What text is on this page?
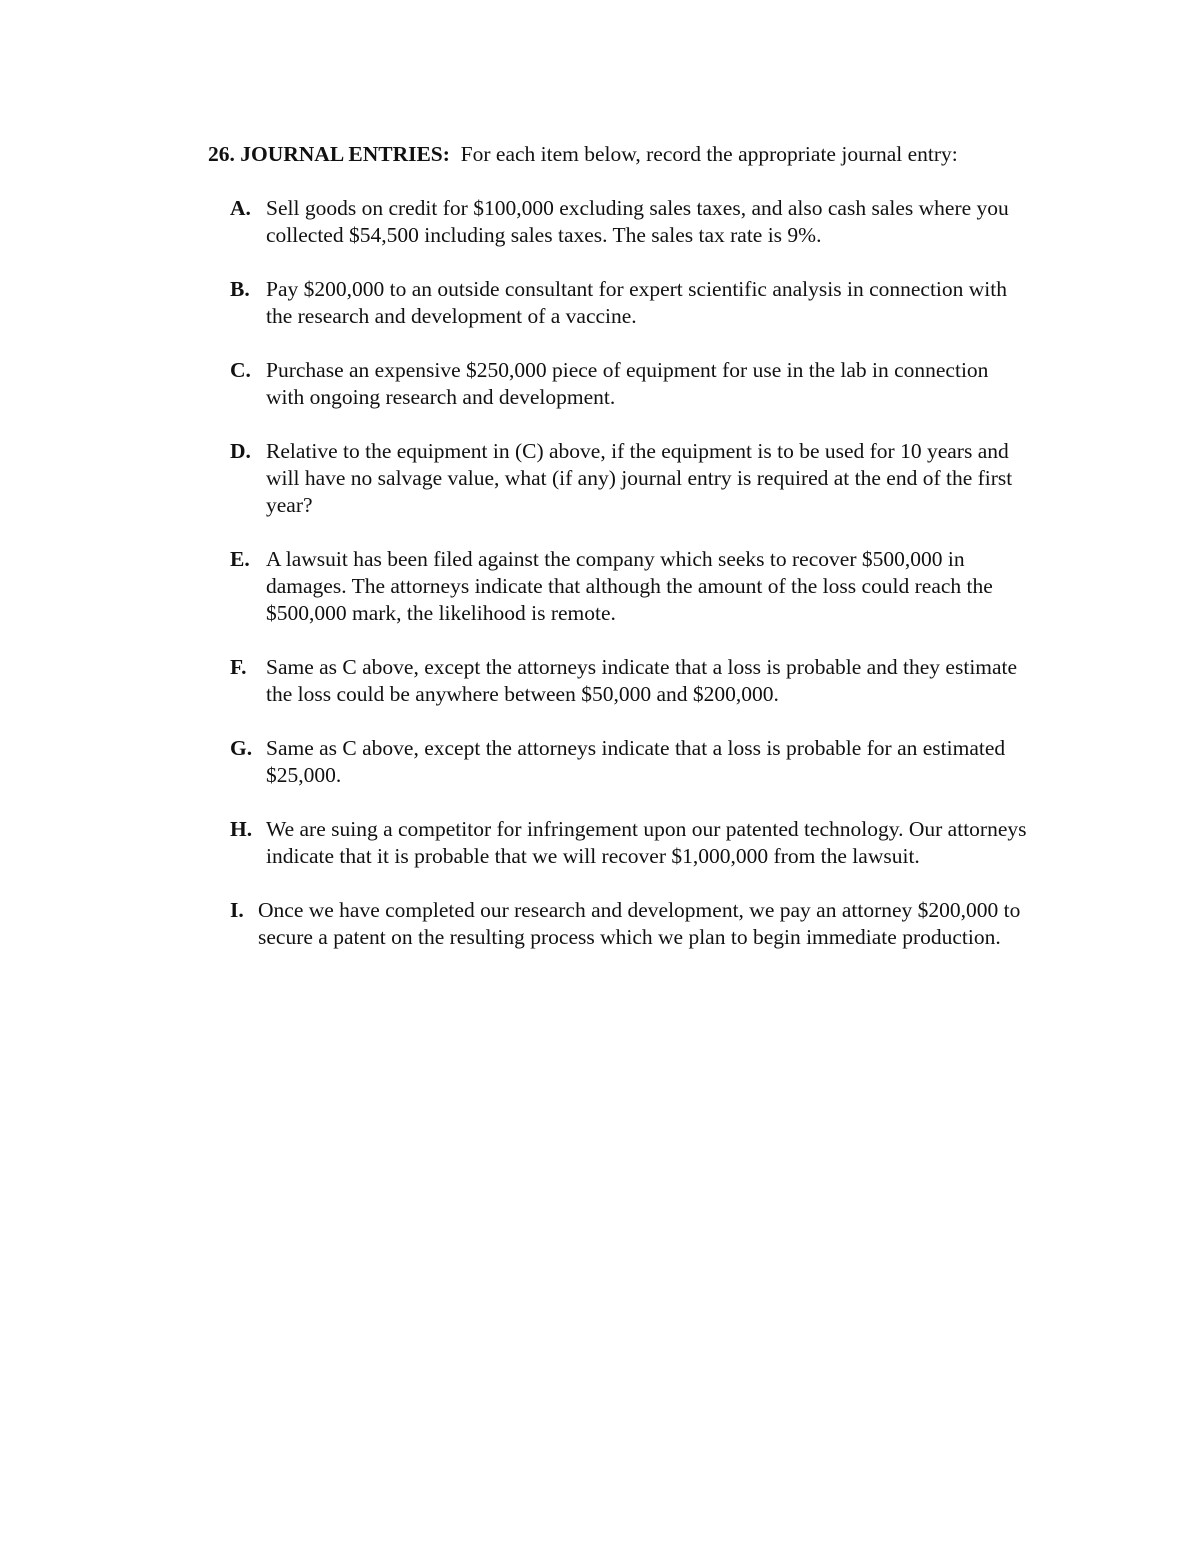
26. JOURNAL ENTRIES: For each item below, record the appropriate journal entry:

A. Sell goods on credit for $100,000 excluding sales taxes, and also cash sales where you collected $54,500 including sales taxes. The sales tax rate is 9%.
B. Pay $200,000 to an outside consultant for expert scientific analysis in connection with the research and development of a vaccine.
C. Purchase an expensive $250,000 piece of equipment for use in the lab in connection with ongoing research and development.
D. Relative to the equipment in (C) above, if the equipment is to be used for 10 years and will have no salvage value, what (if any) journal entry is required at the end of the first year?
E. A lawsuit has been filed against the company which seeks to recover $500,000 in damages. The attorneys indicate that although the amount of the loss could reach the $500,000 mark, the likelihood is remote.
F. Same as C above, except the attorneys indicate that a loss is probable and they estimate the loss could be anywhere between $50,000 and $200,000.
G. Same as C above, except the attorneys indicate that a loss is probable for an estimated $25,000.
H. We are suing a competitor for infringement upon our patented technology. Our attorneys indicate that it is probable that we will recover $1,000,000 from the lawsuit.
I. Once we have completed our research and development, we pay an attorney $200,000 to secure a patent on the resulting process which we plan to begin immediate production.
